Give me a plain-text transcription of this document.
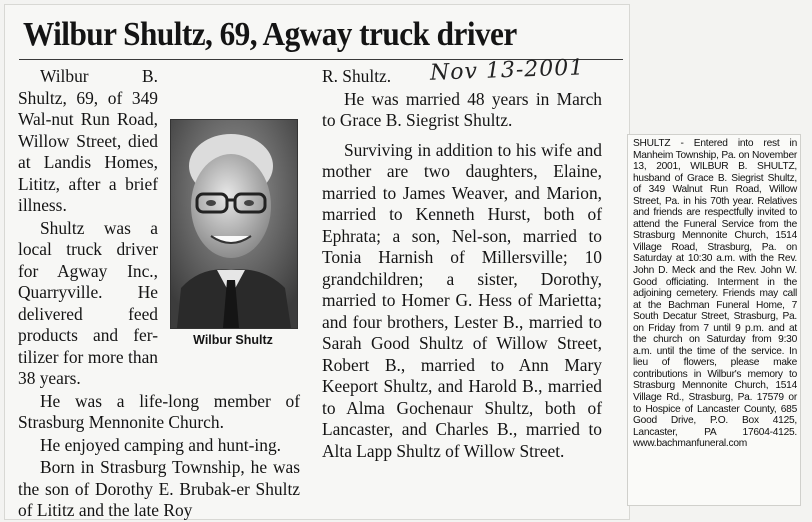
Wilbur Shultz, 69, Agway truck driver
Nov 13-2001
Wilbur Shultz

Wilbur B. Shultz, 69, of 349 Wal-nut Run Road, Willow Street, died at Landis Homes, Lititz, after a brief illness.

Shultz was a local truck driver for Agway Inc., Quarryville. He delivered feed products and fer-tilizer for more than 38 years.

He was a life-long member of Strasburg Mennonite Church.

He enjoyed camping and hunt-ing.

Born in Strasburg Township, he was the son of Dorothy E. Brubak-er Shultz of Lititz and the late Roy

R. Shultz.

He was married 48 years in March to Grace B. Siegrist Shultz.

Surviving in addition to his wife and mother are two daughters, Elaine, married to James Weaver, and Marion, married to Kenneth Hurst, both of Ephrata; a son, Nel-son, married to Tonia Harnish of Millersville; 10 grandchildren; a sister, Dorothy, married to Homer G. Hess of Marietta; and four brothers, Lester B., married to Sarah Good Shultz of Willow Street, Robert B., married to Ann Mary Keeport Shultz, and Harold B., married to Alma Gochenaur Shultz, both of Lancaster, and Charles B., married to Alta Lapp Shultz of Willow Street.

SHULTZ - Entered into rest in Manheim Township, Pa. on November 13, 2001, WILBUR B. SHULTZ, husband of Grace B. Siegrist Shultz, of 349 Walnut Run Road, Willow Street, Pa. in his 70th year. Relatives and friends are respectfully invited to attend the Funeral Service from the Strasburg Mennonite Church, 1514 Village Road, Strasburg, Pa. on Saturday at 10:30 a.m. with the Rev. John D. Meck and the Rev. John W. Good officiating. Interment in the adjoining cemetery. Friends may call at the Bachman Funeral Home, 7 South Decatur Street, Strasburg, Pa. on Friday from 7 until 9 p.m. and at the church on Saturday from 9:30 a.m. until the time of the service. In lieu of flowers, please make contributions in Wilbur's memory to Strasburg Mennonite Church, 1514 Village Rd., Strasburg, Pa. 17579 or to Hospice of Lancaster County, 685 Good Drive, P.O. Box 4125, Lancaster, PA 17604-4125. www.bachmanfuneral.com
